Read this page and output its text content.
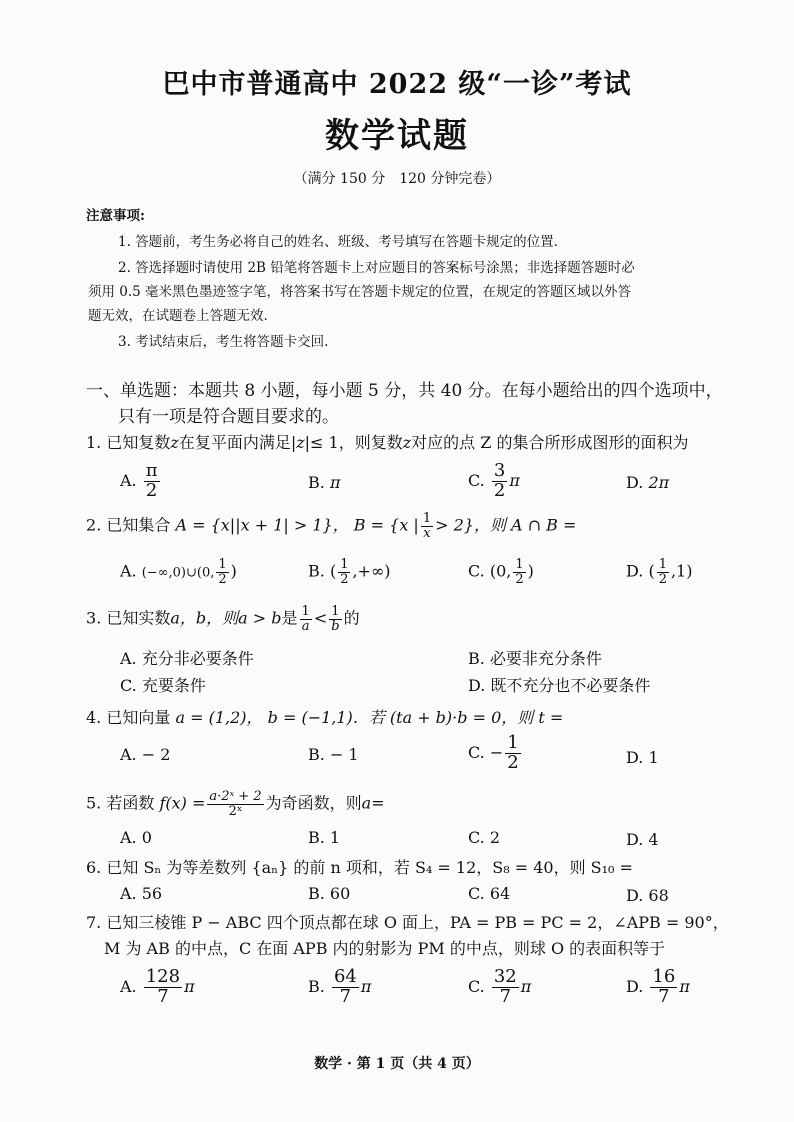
巴中市普通高中 2022 级“一诊”考试
数学试题
（满分 150 分　120 分钟完卷）
注意事项:
1. 答题前，考生务必将自己的姓名、班级、考号填写在答题卡规定的位置.
2. 答选择题时请使用 2B 铅笔将答题卡上对应题目的答案标号涂黑；非选择题答题时必
须用 0.5 毫米黑色墨迹签字笔，将答案书写在答题卡规定的位置，在规定的答题区域以外答
题无效，在试题卷上答题无效.
3. 考试结束后，考生将答题卡交回.
一、单选题：本题共 8 小题，每小题 5 分，共 40 分。在每小题给出的四个选项中，
只有一项是符合题目要求的。
1. 已知复数z在复平面内满足|z|≤ 1，则复数z对应的点 Z 的集合所形成图形的面积为
A. $\frac{\pi}{2}$	B. π	C. $\frac{3}{2}$ π	D. 2π
2. 已知集合 A = {x||x + 1| > 1}， B = {x | $\frac{1}{x} > 2$}，则 A ∩ B =
A. (−∞,0)∪(0, $\frac{1}{2}$ )	B. ( $\frac{1}{2}$ ,+∞)	C. (0, $\frac{1}{2}$ )	D. ( $\frac{1}{2} ,1$)
3. 已知实数a，b，则a > b是 $\frac{1}{a} < \frac{1}{b}$ 的
A. 充分非必要条件	B. 必要非充分条件
C. 充要条件	D. 既不充分也不必要条件
4. 已知向量 a = (1,2)， b = (−1,1)．若 (ta + b)·b = 0，则 t =
A. − 2	B. − 1	C. − $\frac{1}{2}$	D. 1
5. 若函数 $f(x) = \frac{\text{a·2ˣ + 2}}{\text{2ˣ}}$ 为奇函数，则a=
A. 0	B. 1	C. 2	D. 4
6. 已知 Sₙ 为等差数列 {aₙ} 的前 n 项和，若 S₄ = 12，S₈ = 40，则 S₁₀ =
A. 56	B. 60	C. 64	D. 68
7. 已知三棱锥 P − ABC 四个顶点都在球 O 面上，PA = PB = PC = 2，∠APB = 90°，
M 为 AB 的中点，C 在面 APB 内的射影为 PM 的中点，则球 O 的表面积等于
A. $\frac{128}{7}$ π	B. $\frac{64}{7}$ π	C. $\frac{32}{7}$ π	D. $\frac{16}{7}$ π
数学 · 第 1 页（共 4 页）
